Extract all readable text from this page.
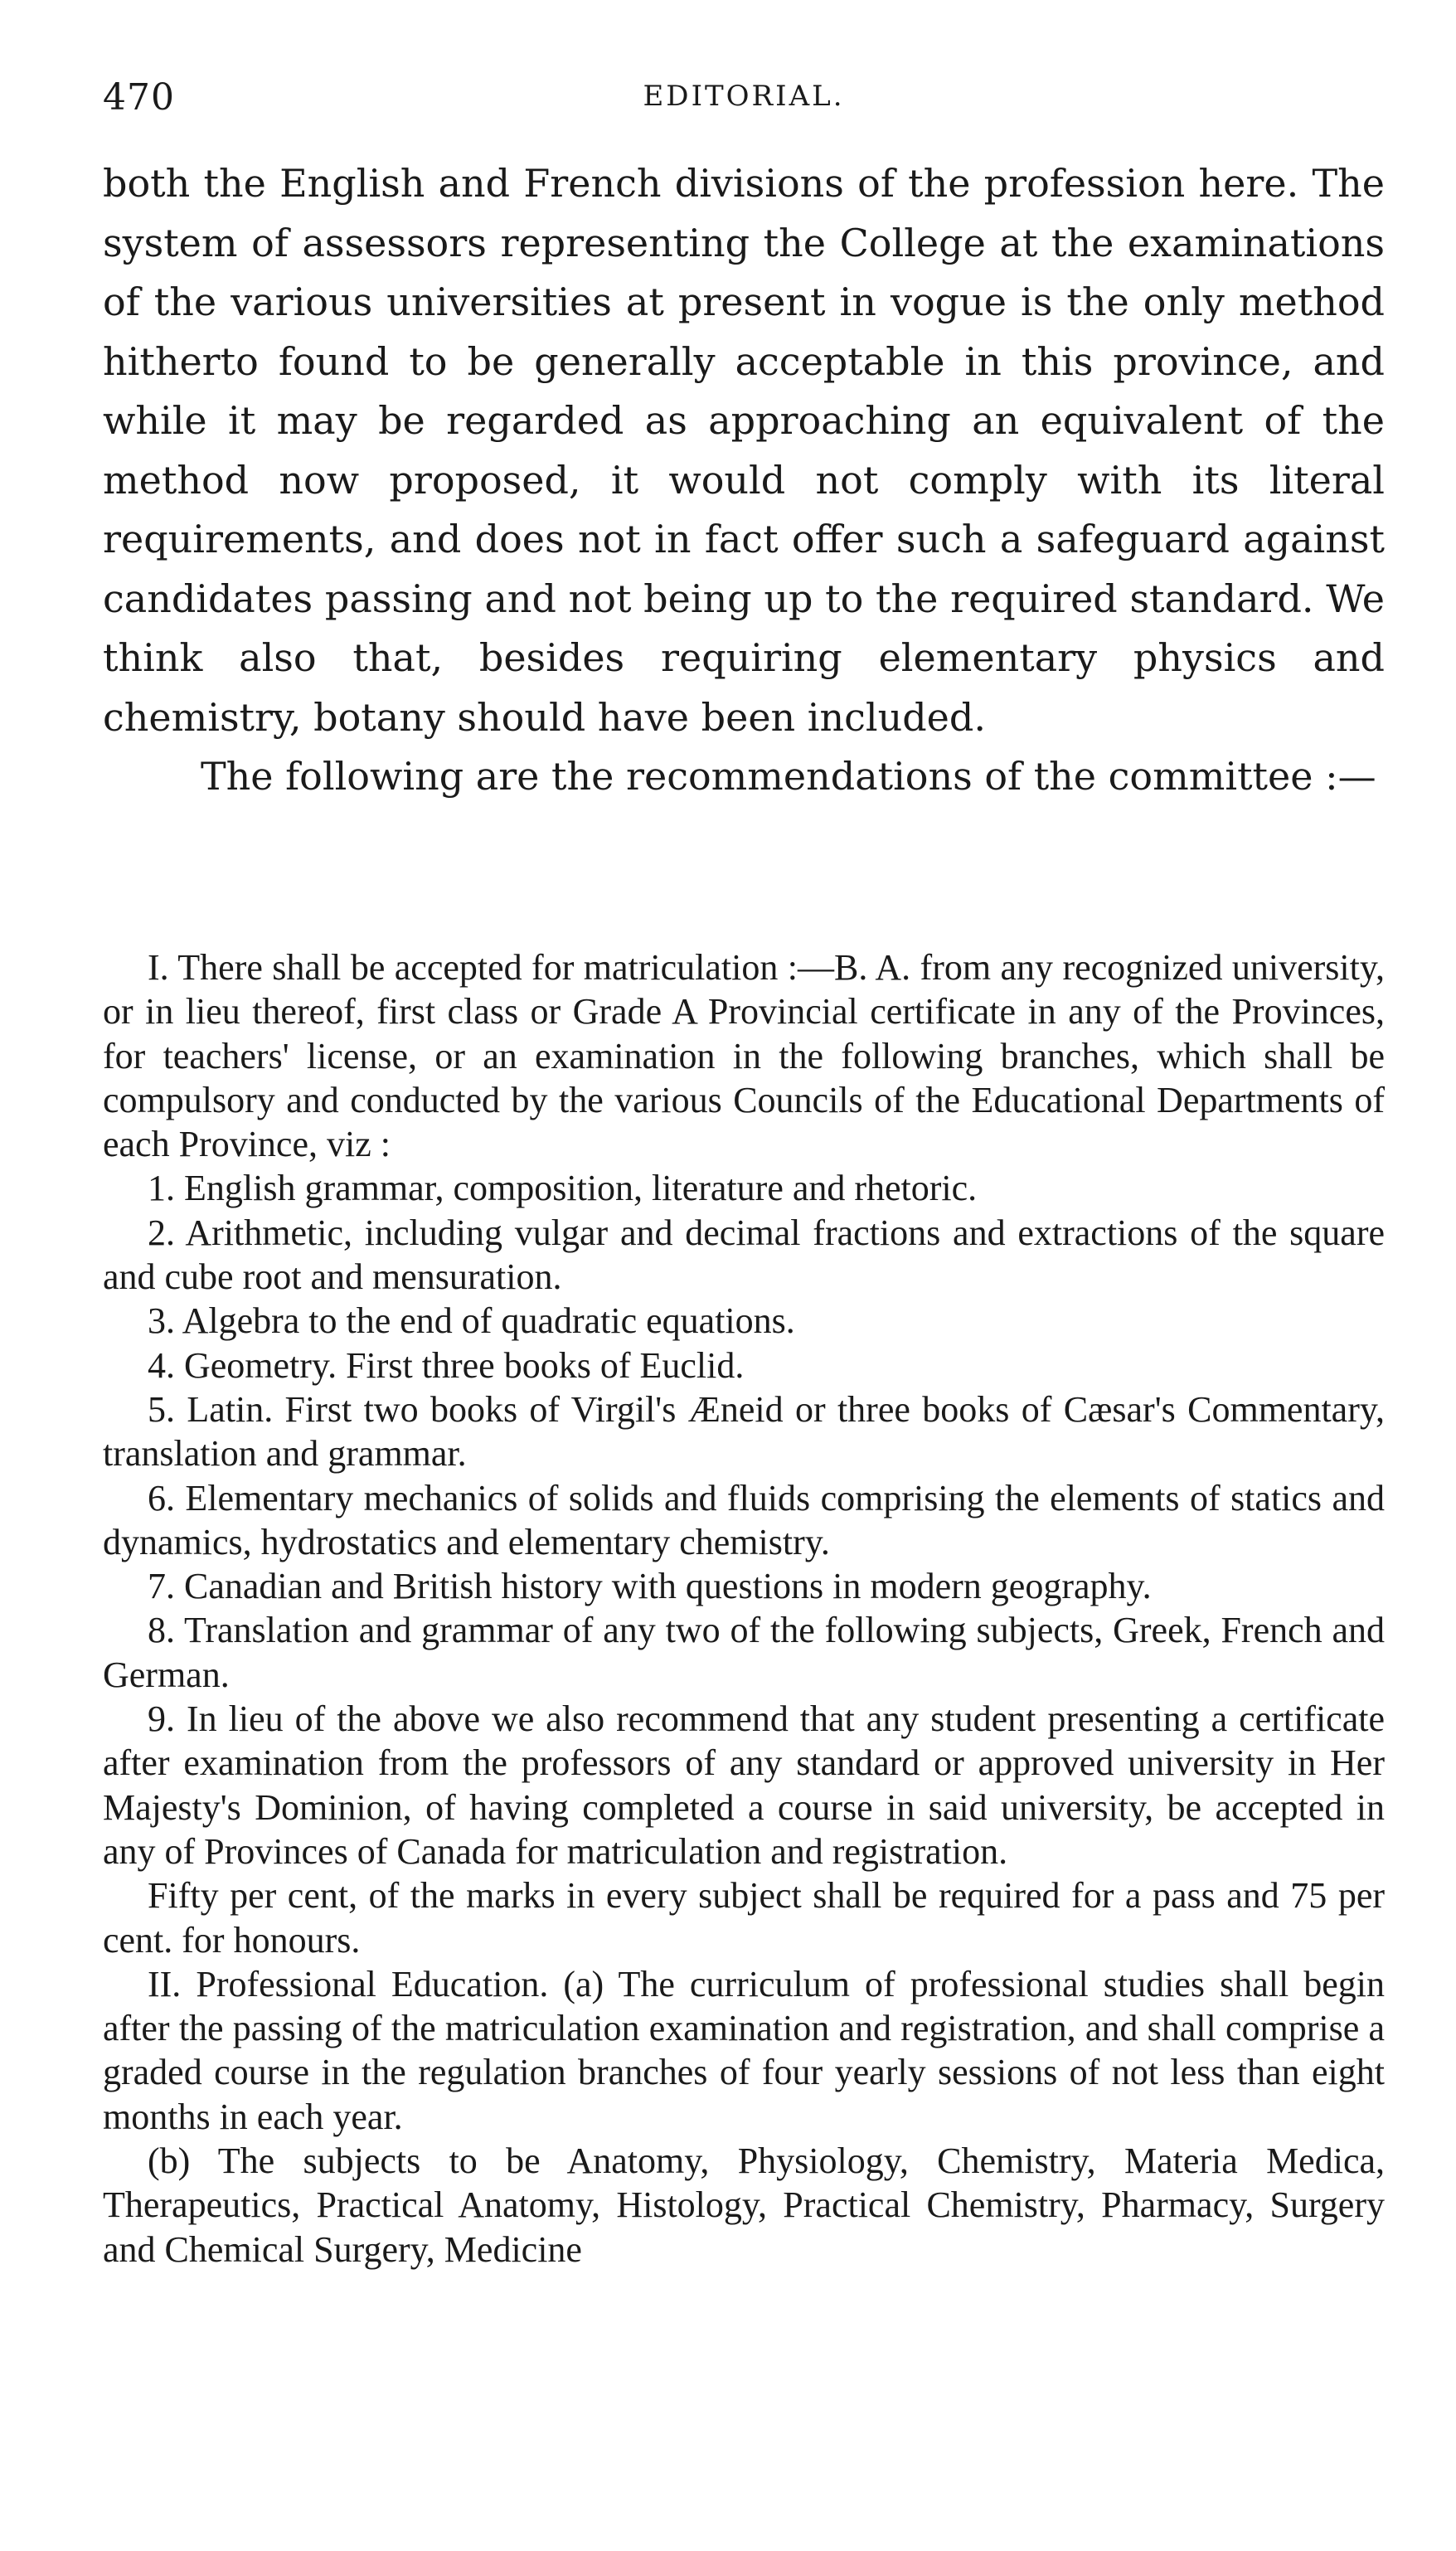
470	EDITORIAL.

both the English and French divisions of the profession here. The system of assessors representing the College at the examinations of the various universities at present in vogue is the only method hitherto found to be generally acceptable in this province, and while it may be regarded as approaching an equivalent of the method now proposed, it would not comply with its literal requirements, and does not in fact offer such a safeguard against candidates passing and not being up to the required standard. We think also that, besides requiring elementary physics and chemistry, botany should have been included.

The following are the recommendations of the committee :—

I. There shall be accepted for matriculation :—B. A. from any recognized university, or in lieu thereof, first class or Grade A Provincial certificate in any of the Provinces, for teachers' license, or an examination in the following branches, which shall be compulsory and conducted by the various Councils of the Educational Departments of each Province, viz :

1. English grammar, composition, literature and rhetoric.

2. Arithmetic, including vulgar and decimal fractions and extractions of the square and cube root and mensuration.

3. Algebra to the end of quadratic equations.

4. Geometry. First three books of Euclid.

5. Latin. First two books of Virgil's Æneid or three books of Cæsar's Commentary, translation and grammar.

6. Elementary mechanics of solids and fluids comprising the elements of statics and dynamics, hydrostatics and elementary chemistry.

7. Canadian and British history with questions in modern geography.

8. Translation and grammar of any two of the following subjects, Greek, French and German.

9. In lieu of the above we also recommend that any student presenting a certificate after examination from the professors of any standard or approved university in Her Majesty's Dominion, of having completed a course in said university, be accepted in any of Provinces of Canada for matriculation and registration.

Fifty per cent, of the marks in every subject shall be required for a pass and 75 per cent. for honours.

II. Professional Education. (a) The curriculum of professional studies shall begin after the passing of the matriculation examination and registration, and shall comprise a graded course in the regulation branches of four yearly sessions of not less than eight months in each year.

(b) The subjects to be Anatomy, Physiology, Chemistry, Materia Medica, Therapeutics, Practical Anatomy, Histology, Practical Chemistry, Pharmacy, Surgery and Chemical Surgery, Medicine
